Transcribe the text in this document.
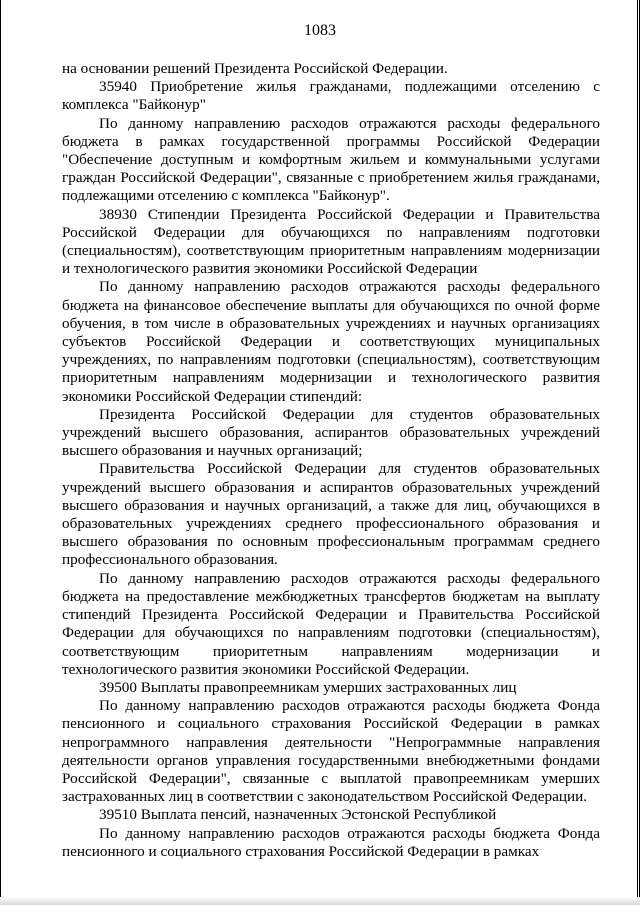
1083

на основании решений Президента Российской Федерации.

35940 Приобретение жилья гражданами, подлежащими отселению с комплекса "Байконур"

По данному направлению расходов отражаются расходы федерального бюджета в рамках государственной программы Российской Федерации "Обеспечение доступным и комфортным жильем и коммунальными услугами граждан Российской Федерации", связанные с приобретением жилья гражданами, подлежащими отселению с комплекса "Байконур".

38930 Стипендии Президента Российской Федерации и Правительства Российской Федерации для обучающихся по направлениям подготовки (специальностям), соответствующим приоритетным направлениям модернизации и технологического развития экономики Российской Федерации

По данному направлению расходов отражаются расходы федерального бюджета на финансовое обеспечение выплаты для обучающихся по очной форме обучения, в том числе в образовательных учреждениях и научных организациях субъектов Российской Федерации и соответствующих муниципальных учреждениях, по направлениям подготовки (специальностям), соответствующим приоритетным направлениям модернизации и технологического развития экономики Российской Федерации стипендий:

Президента Российской Федерации для студентов образовательных учреждений высшего образования, аспирантов образовательных учреждений высшего образования и научных организаций;

Правительства Российской Федерации для студентов образовательных учреждений высшего образования и аспирантов образовательных учреждений высшего образования и научных организаций, а также для лиц, обучающихся в образовательных учреждениях среднего профессионального образования и высшего образования по основным профессиональным программам среднего профессионального образования.

По данному направлению расходов отражаются расходы федерального бюджета на предоставление межбюджетных трансфертов бюджетам на выплату стипендий Президента Российской Федерации и Правительства Российской Федерации для обучающихся по направлениям подготовки (специальностям), соответствующим приоритетным направлениям модернизации и технологического развития экономики Российской Федерации.

39500 Выплаты правопреемникам умерших застрахованных лиц

По данному направлению расходов отражаются расходы бюджета Фонда пенсионного и социального страхования Российской Федерации в рамках непрограммного направления деятельности "Непрограммные направления деятельности органов управления государственными внебюджетными фондами Российской Федерации", связанные с выплатой правопреемникам умерших застрахованных лиц в соответствии с законодательством Российской Федерации.

39510 Выплата пенсий, назначенных Эстонской Республикой

По данному направлению расходов отражаются расходы бюджета Фонда пенсионного и социального страхования Российской Федерации в рамках
